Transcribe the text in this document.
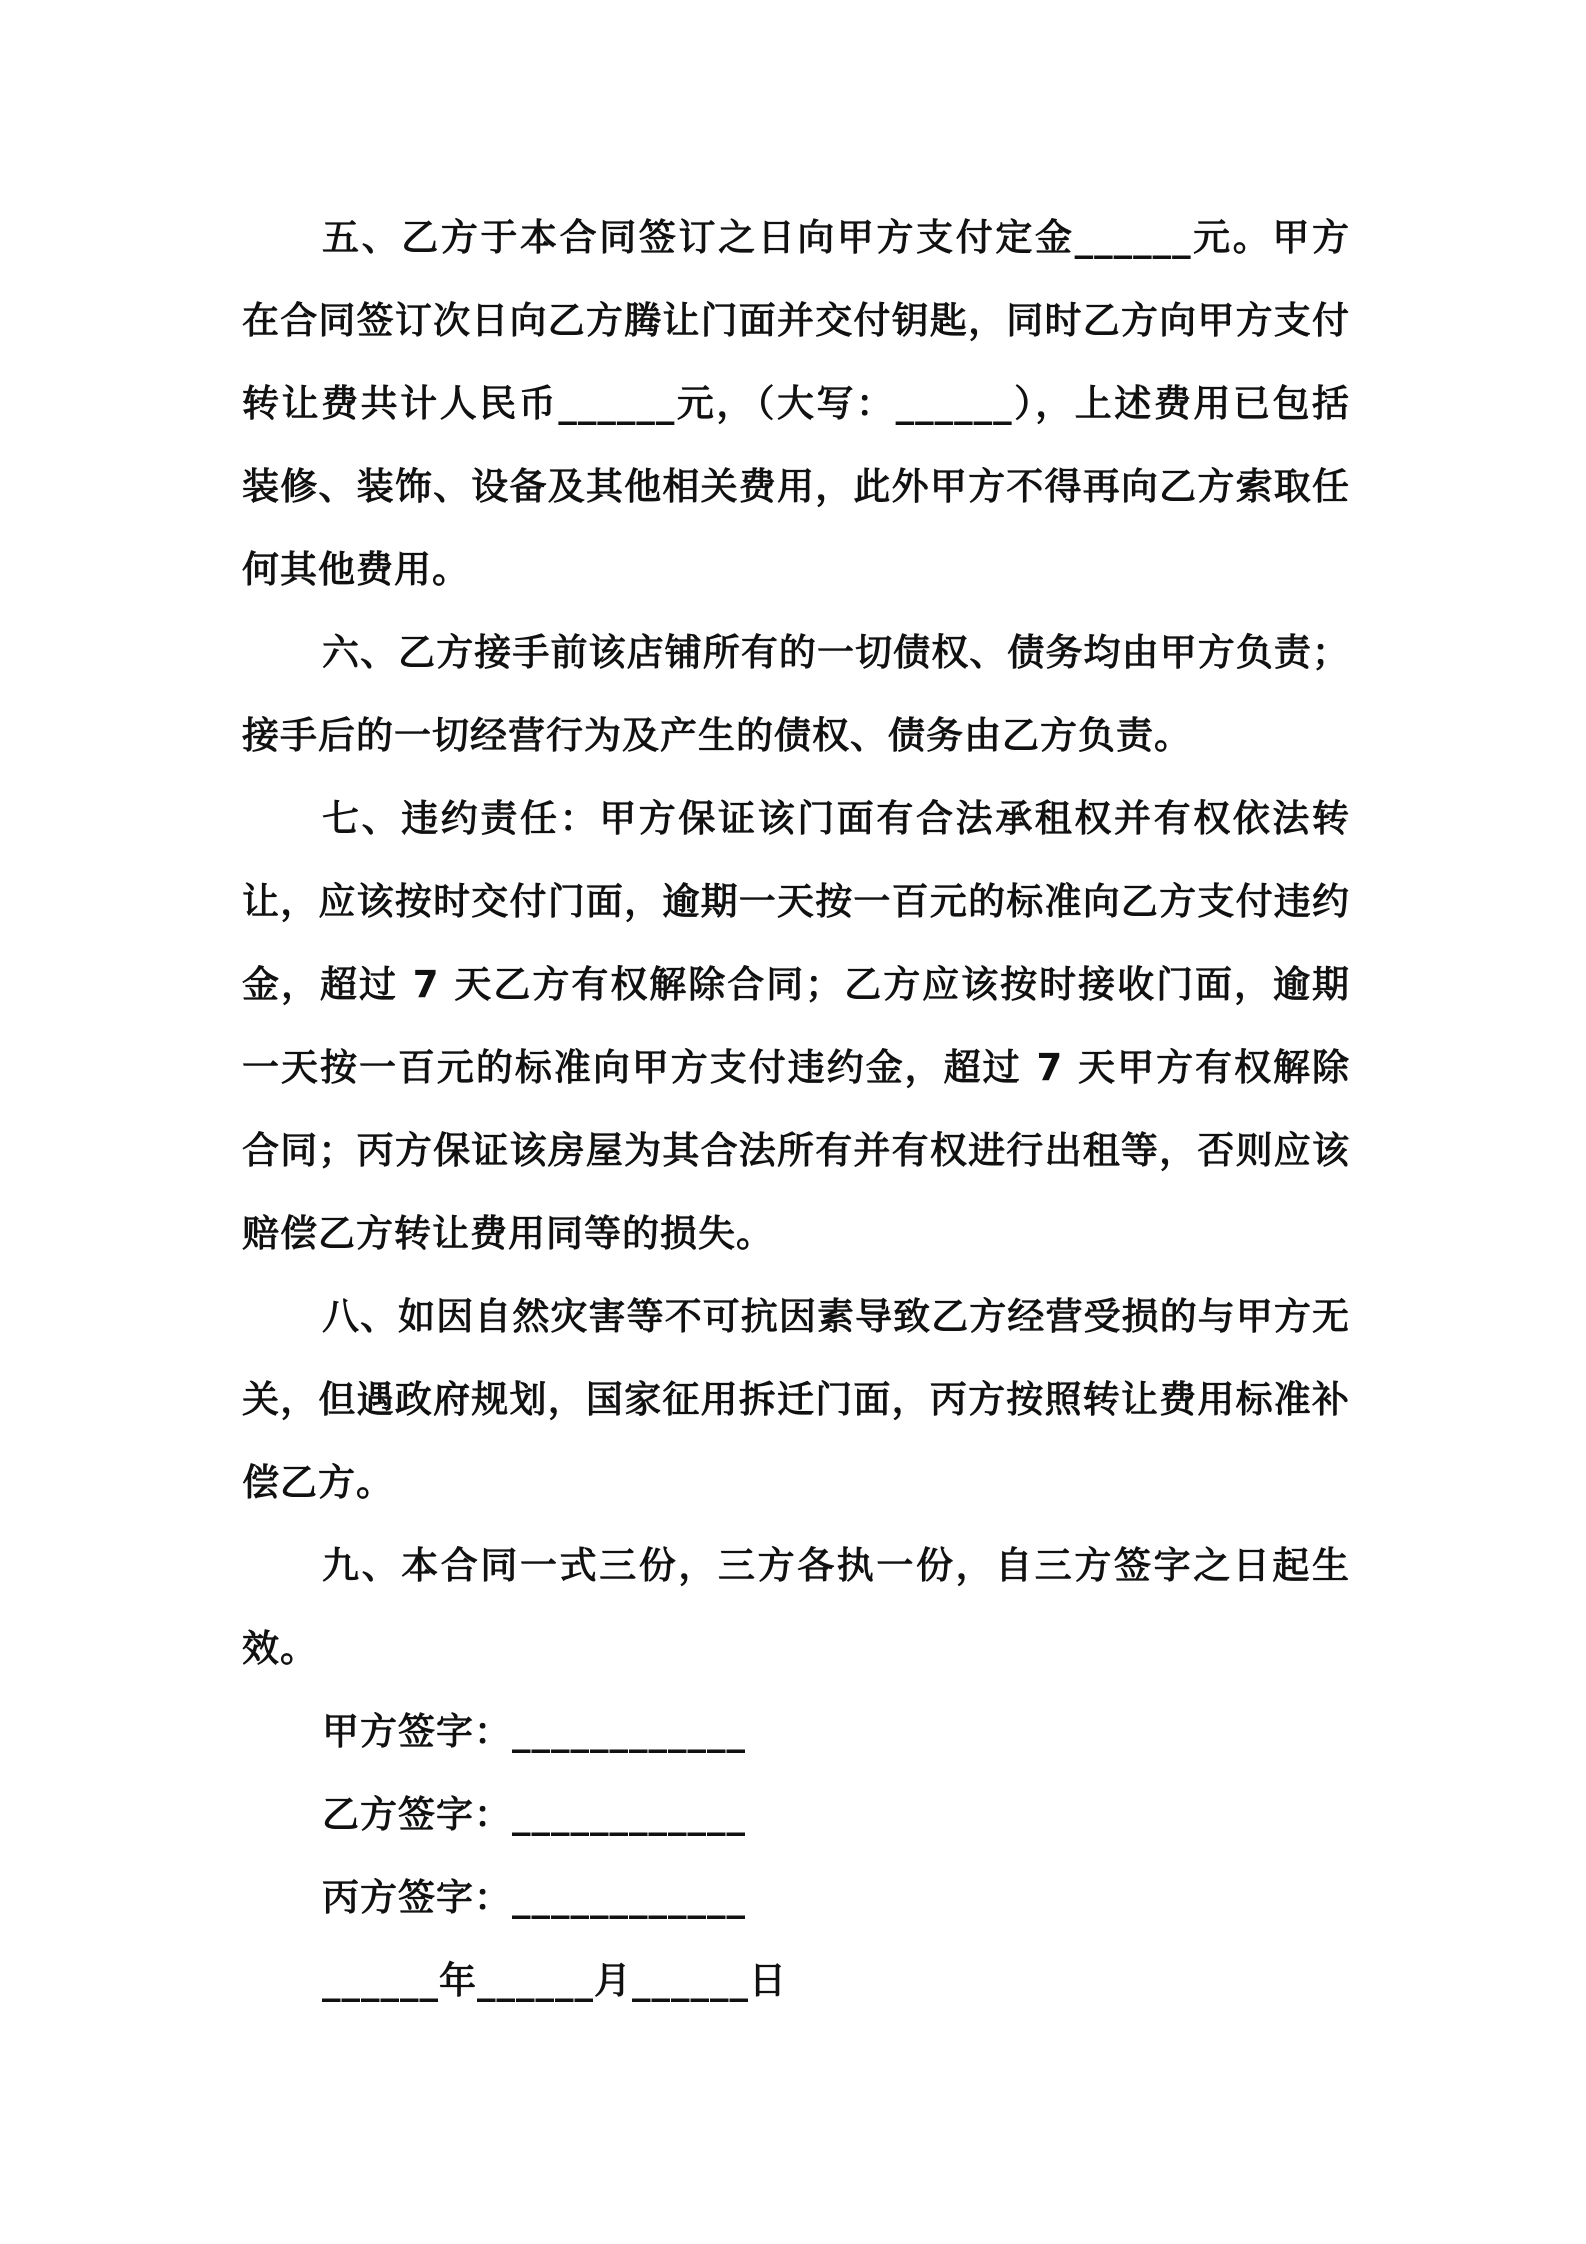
五、乙方于本合同签订之日向甲方支付定金______元。甲方在合同签订次日向乙方腾让门面并交付钥匙，同时乙方向甲方支付转让费共计人民币______元，（大写：______），上述费用已包括装修、装饰、设备及其他相关费用，此外甲方不得再向乙方索取任何其他费用。

六、乙方接手前该店铺所有的一切债权、债务均由甲方负责；接手后的一切经营行为及产生的债权、债务由乙方负责。

七、违约责任：甲方保证该门面有合法承租权并有权依法转让，应该按时交付门面，逾期一天按一百元的标准向乙方支付违约金，超过 7 天乙方有权解除合同；乙方应该按时接收门面，逾期一天按一百元的标准向甲方支付违约金，超过 7 天甲方有权解除合同；丙方保证该房屋为其合法所有并有权进行出租等，否则应该赔偿乙方转让费用同等的损失。

八、如因自然灾害等不可抗因素导致乙方经营受损的与甲方无关，但遇政府规划，国家征用拆迁门面，丙方按照转让费用标准补偿乙方。

九、本合同一式三份，三方各执一份，自三方签字之日起生效。

甲方签字：____________

乙方签字：____________

丙方签字：____________

______年______月______日
